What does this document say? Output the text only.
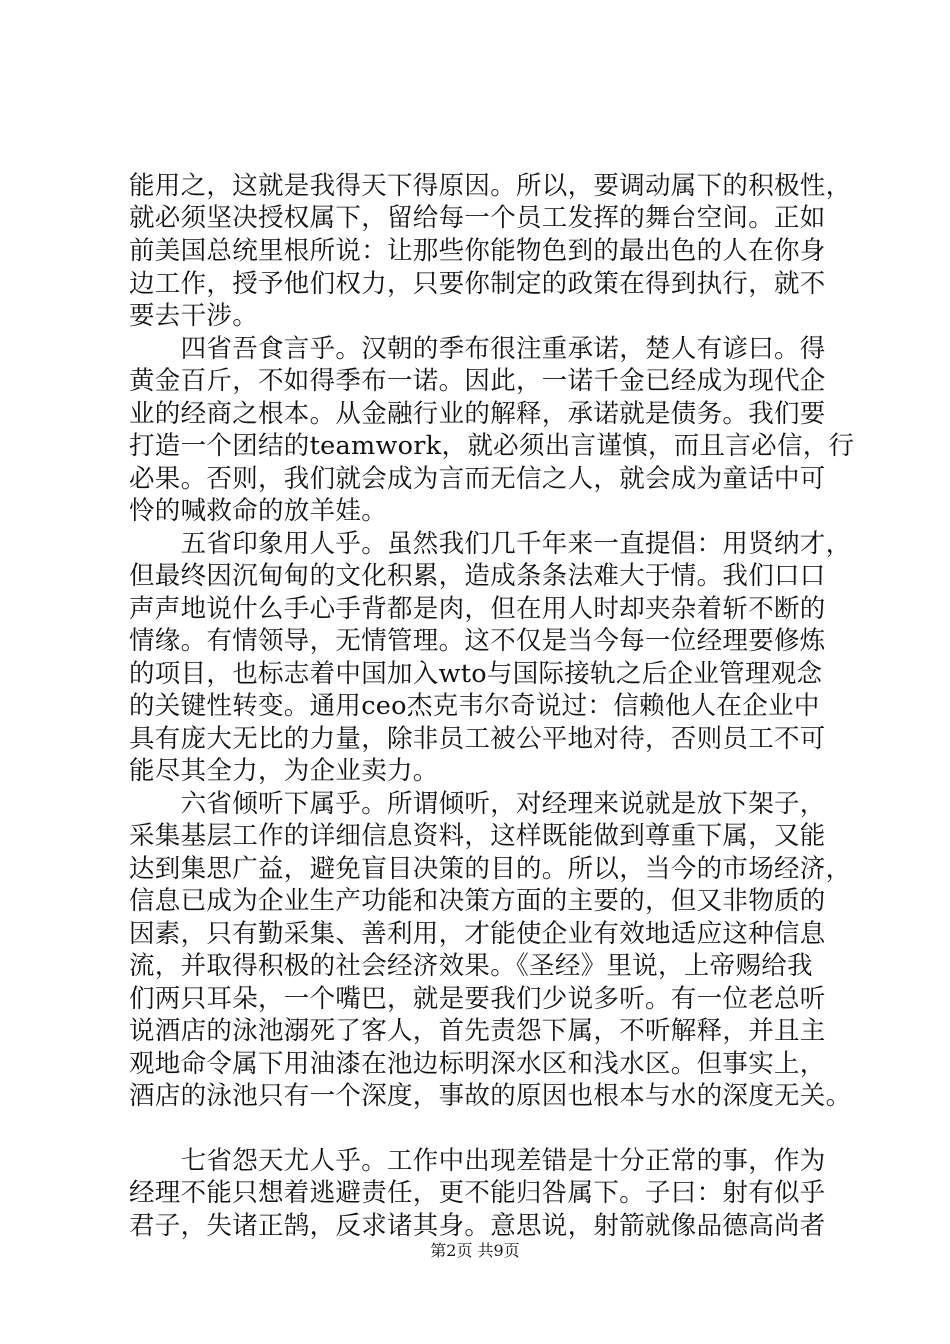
能用之，这就是我得天下得原因。所以，要调动属下的积极性，
就必须坚决授权属下，留给每一个员工发挥的舞台空间。正如
前美国总统里根所说：让那些你能物色到的最出色的人在你身
边工作，授予他们权力，只要你制定的政策在得到执行，就不
要去干涉。
　　四省吾食言乎。汉朝的季布很注重承诺，楚人有谚曰。得
黄金百斤，不如得季布一诺。因此，一诺千金已经成为现代企
业的经商之根本。从金融行业的解释，承诺就是债务。我们要
打造一个团结的teamwork，就必须出言谨慎，而且言必信，行
必果。否则，我们就会成为言而无信之人，就会成为童话中可
怜的喊救命的放羊娃。
　　五省印象用人乎。虽然我们几千年来一直提倡：用贤纳才，
但最终因沉甸甸的文化积累，造成条条法难大于情。我们口口
声声地说什么手心手背都是肉，但在用人时却夹杂着斩不断的
情缘。有情领导，无情管理。这不仅是当今每一位经理要修炼
的项目，也标志着中国加入wto与国际接轨之后企业管理观念
的关键性转变。通用ceo杰克韦尔奇说过：信赖他人在企业中
具有庞大无比的力量，除非员工被公平地对待，否则员工不可
能尽其全力，为企业卖力。
　　六省倾听下属乎。所谓倾听，对经理来说就是放下架子，
采集基层工作的详细信息资料，这样既能做到尊重下属，又能
达到集思广益，避免盲目决策的目的。所以，当今的市场经济，
信息已成为企业生产功能和决策方面的主要的，但又非物质的
因素，只有勤采集、善利用，才能使企业有效地适应这种信息
流，并取得积极的社会经济效果。《圣经》里说，上帝赐给我
们两只耳朵，一个嘴巴，就是要我们少说多听。有一位老总听
说酒店的泳池溺死了客人，首先责怨下属，不听解释，并且主
观地命令属下用油漆在池边标明深水区和浅水区。但事实上，
酒店的泳池只有一个深度，事故的原因也根本与水的深度无关。
　　七省怨天尤人乎。工作中出现差错是十分正常的事，作为
经理不能只想着逃避责任，更不能归咎属下。子曰：射有似乎
君子，失诸正鹄，反求诸其身。意思说，射箭就像品德高尚者
第2页 共9页
